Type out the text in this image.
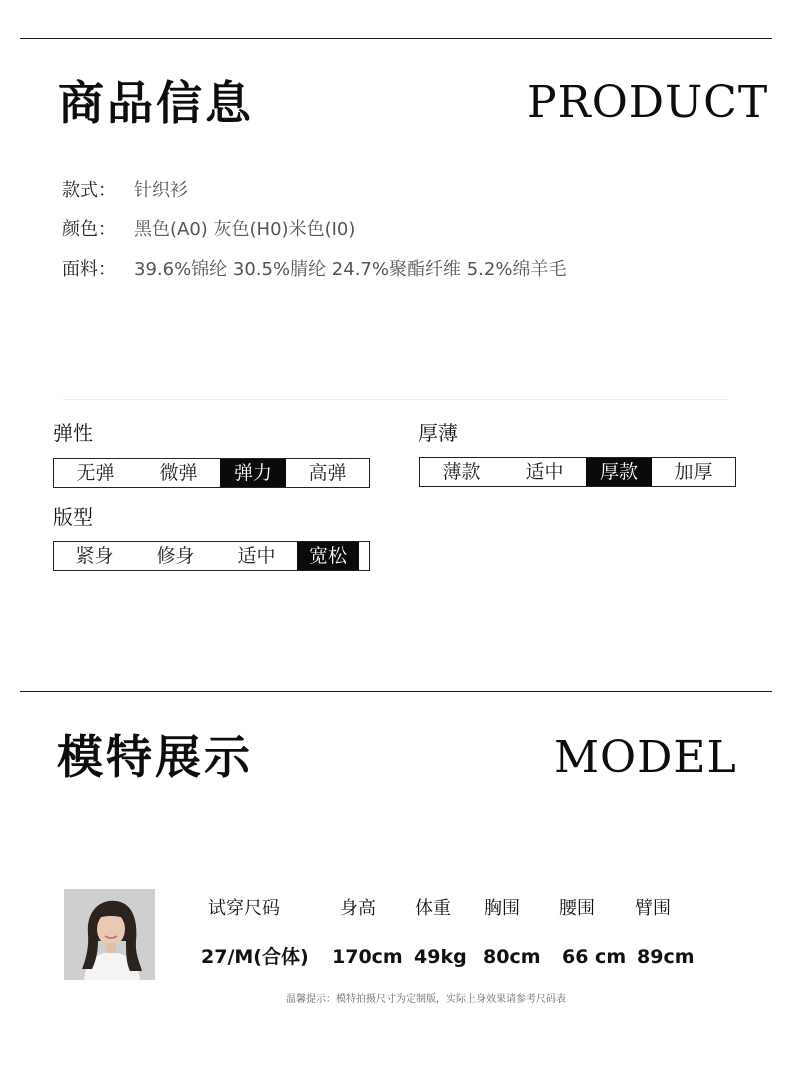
商品信息	PRODUCT
款式： 针织衫
颜色： 黑色(A0) 灰色(H0)米色(I0)
面料： 39.6%锦纶 30.5%腈纶 24.7%聚酯纤维 5.2%绵羊毛
弹性
无弹	微弹	弹力	高弹
厚薄
薄款	适中	厚款	加厚
版型
紧身	修身	适中	宽松
模特展示	MODEL
试穿尺码	身高 体重 胸围 腰围 臂围
27/M(合体) 170cm 49kg 80cm 66 cm 89cm
温馨提示：模特拍摄尺寸为定制版，实际上身效果请参考尺码表
